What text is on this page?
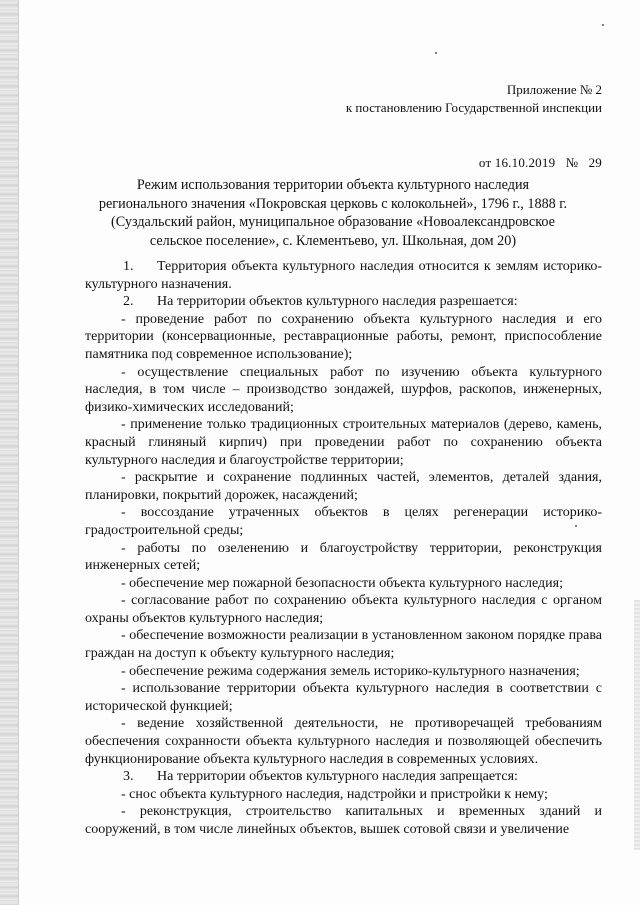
Приложение № 2
к постановлению Государственной инспекции
от 16.10.2019   №   29
Режим использования территории объекта культурного наследия
регионального значения «Покровская церковь с колокольней», 1796 г., 1888 г.
(Суздальский район, муниципальное образование «Новоалександровское
сельское поселение», с. Клементьево, ул. Школьная, дом 20)

1. Территория объекта культурного наследия относится к землям историко-культурного назначения.

2. На территории объектов культурного наследия разрешается:

- проведение работ по сохранению объекта культурного наследия и его территории (консервационные, реставрационные работы, ремонт, приспособление памятника под современное использование);

- осуществление специальных работ по изучению объекта культурного наследия, в том числе – производство зондажей, шурфов, раскопов, инженерных, физико-химических исследований;

- применение только традиционных строительных материалов (дерево, камень, красный глиняный кирпич) при проведении работ по сохранению объекта культурного наследия и благоустройстве территории;

- раскрытие и сохранение подлинных частей, элементов, деталей здания, планировки, покрытий дорожек, насаждений;

- воссоздание утраченных объектов в целях регенерации историко-градостроительной среды;

- работы по озеленению и благоустройству территории, реконструкция инженерных сетей;

- обеспечение мер пожарной безопасности объекта культурного наследия;

- согласование работ по сохранению объекта культурного наследия с органом охраны объектов культурного наследия;

- обеспечение возможности реализации в установленном законом порядке права граждан на доступ к объекту культурного наследия;

- обеспечение режима содержания земель историко-культурного назначения;

- использование территории объекта культурного наследия в соответствии с исторической функцией;

- ведение хозяйственной деятельности, не противоречащей требованиям обеспечения сохранности объекта культурного наследия и позволяющей обеспечить функционирование объекта культурного наследия в современных условиях.

3. На территории объектов культурного наследия запрещается:

- снос объекта культурного наследия, надстройки и пристройки к нему;

- реконструкция, строительство капитальных и временных зданий и сооружений, в том числе линейных объектов, вышек сотовой связи и увеличение
